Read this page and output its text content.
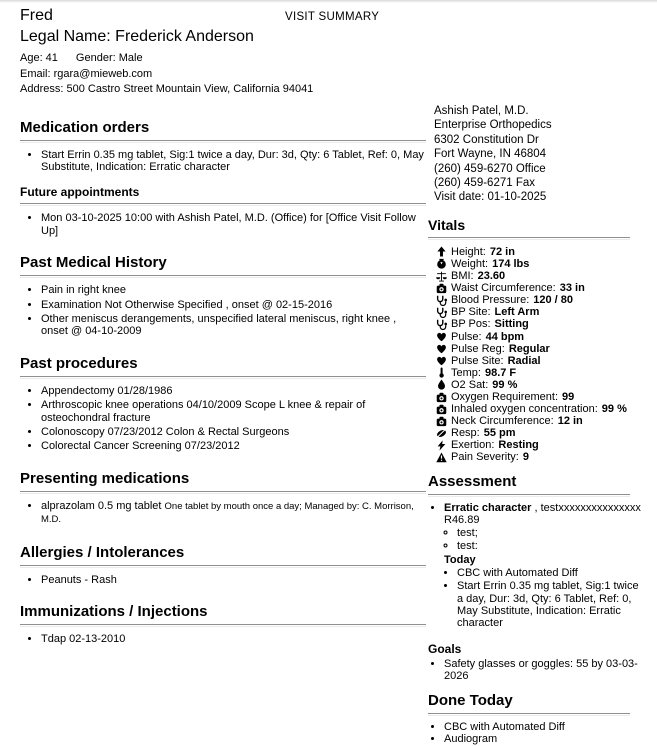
VISIT SUMMARY
Fred
Legal Name: Frederick Anderson
Age: 41 Gender: Male
Email: rgara@mieweb.com
Address: 500 Castro Street Mountain View, California 94041
Medication orders
• Start Errin 0.35 mg tablet, Sig:1 twice a day, Dur: 3d, Qty: 6 Tablet, Ref: 0, May Substitute, Indication: Erratic character
Future appointments
• Mon 03-10-2025 10:00 with Ashish Patel, M.D. (Office) for [Office Visit Follow Up]
Past Medical History
• Pain in right knee
• Examination Not Otherwise Specified , onset @ 02-15-2016
• Other meniscus derangements, unspecified lateral meniscus, right knee , onset @ 04-10-2009
Past procedures
• Appendectomy 01/28/1986
• Arthroscopic knee operations 04/10/2009 Scope L knee & repair of osteochondral fracture
• Colonoscopy 07/23/2012 Colon & Rectal Surgeons
• Colorectal Cancer Screening 07/23/2012
Presenting medications
• alprazolam 0.5 mg tablet One tablet by mouth once a day; Managed by: C. Morrison, M.D.
Allergies / Intolerances
• Peanuts - Rash
Immunizations / Injections
• Tdap 02-13-2010
Ashish Patel, M.D.
Enterprise Orthopedics
6302 Constitution Dr
Fort Wayne, IN 46804
(260) 459-6270 Office
(260) 459-6271 Fax
Visit date: 01-10-2025
Vitals
Height: 72 in
Weight: 174 lbs
BMI: 23.60
Waist Circumference: 33 in
Blood Pressure: 120 / 80
BP Site: Left Arm
BP Pos: Sitting
Pulse: 44 bpm
Pulse Reg: Regular
Pulse Site: Radial
Temp: 98.7 F
O2 Sat: 99 %
Oxygen Requirement: 99
Inhaled oxygen concentration: 99 %
Neck Circumference: 12 in
Resp: 55 pm
Exertion: Resting
Pain Severity: 9
Assessment
• Erratic character , testxxxxxxxxxxxxxxx R46.89
◦ test;
◦ test:
Today
• CBC with Automated Diff
• Start Errin 0.35 mg tablet, Sig:1 twice a day, Dur: 3d, Qty: 6 Tablet, Ref: 0, May Substitute, Indication: Erratic character
Goals
• Safety glasses or goggles: 55 by 03-03-2026
Done Today
• CBC with Automated Diff
• Audiogram
